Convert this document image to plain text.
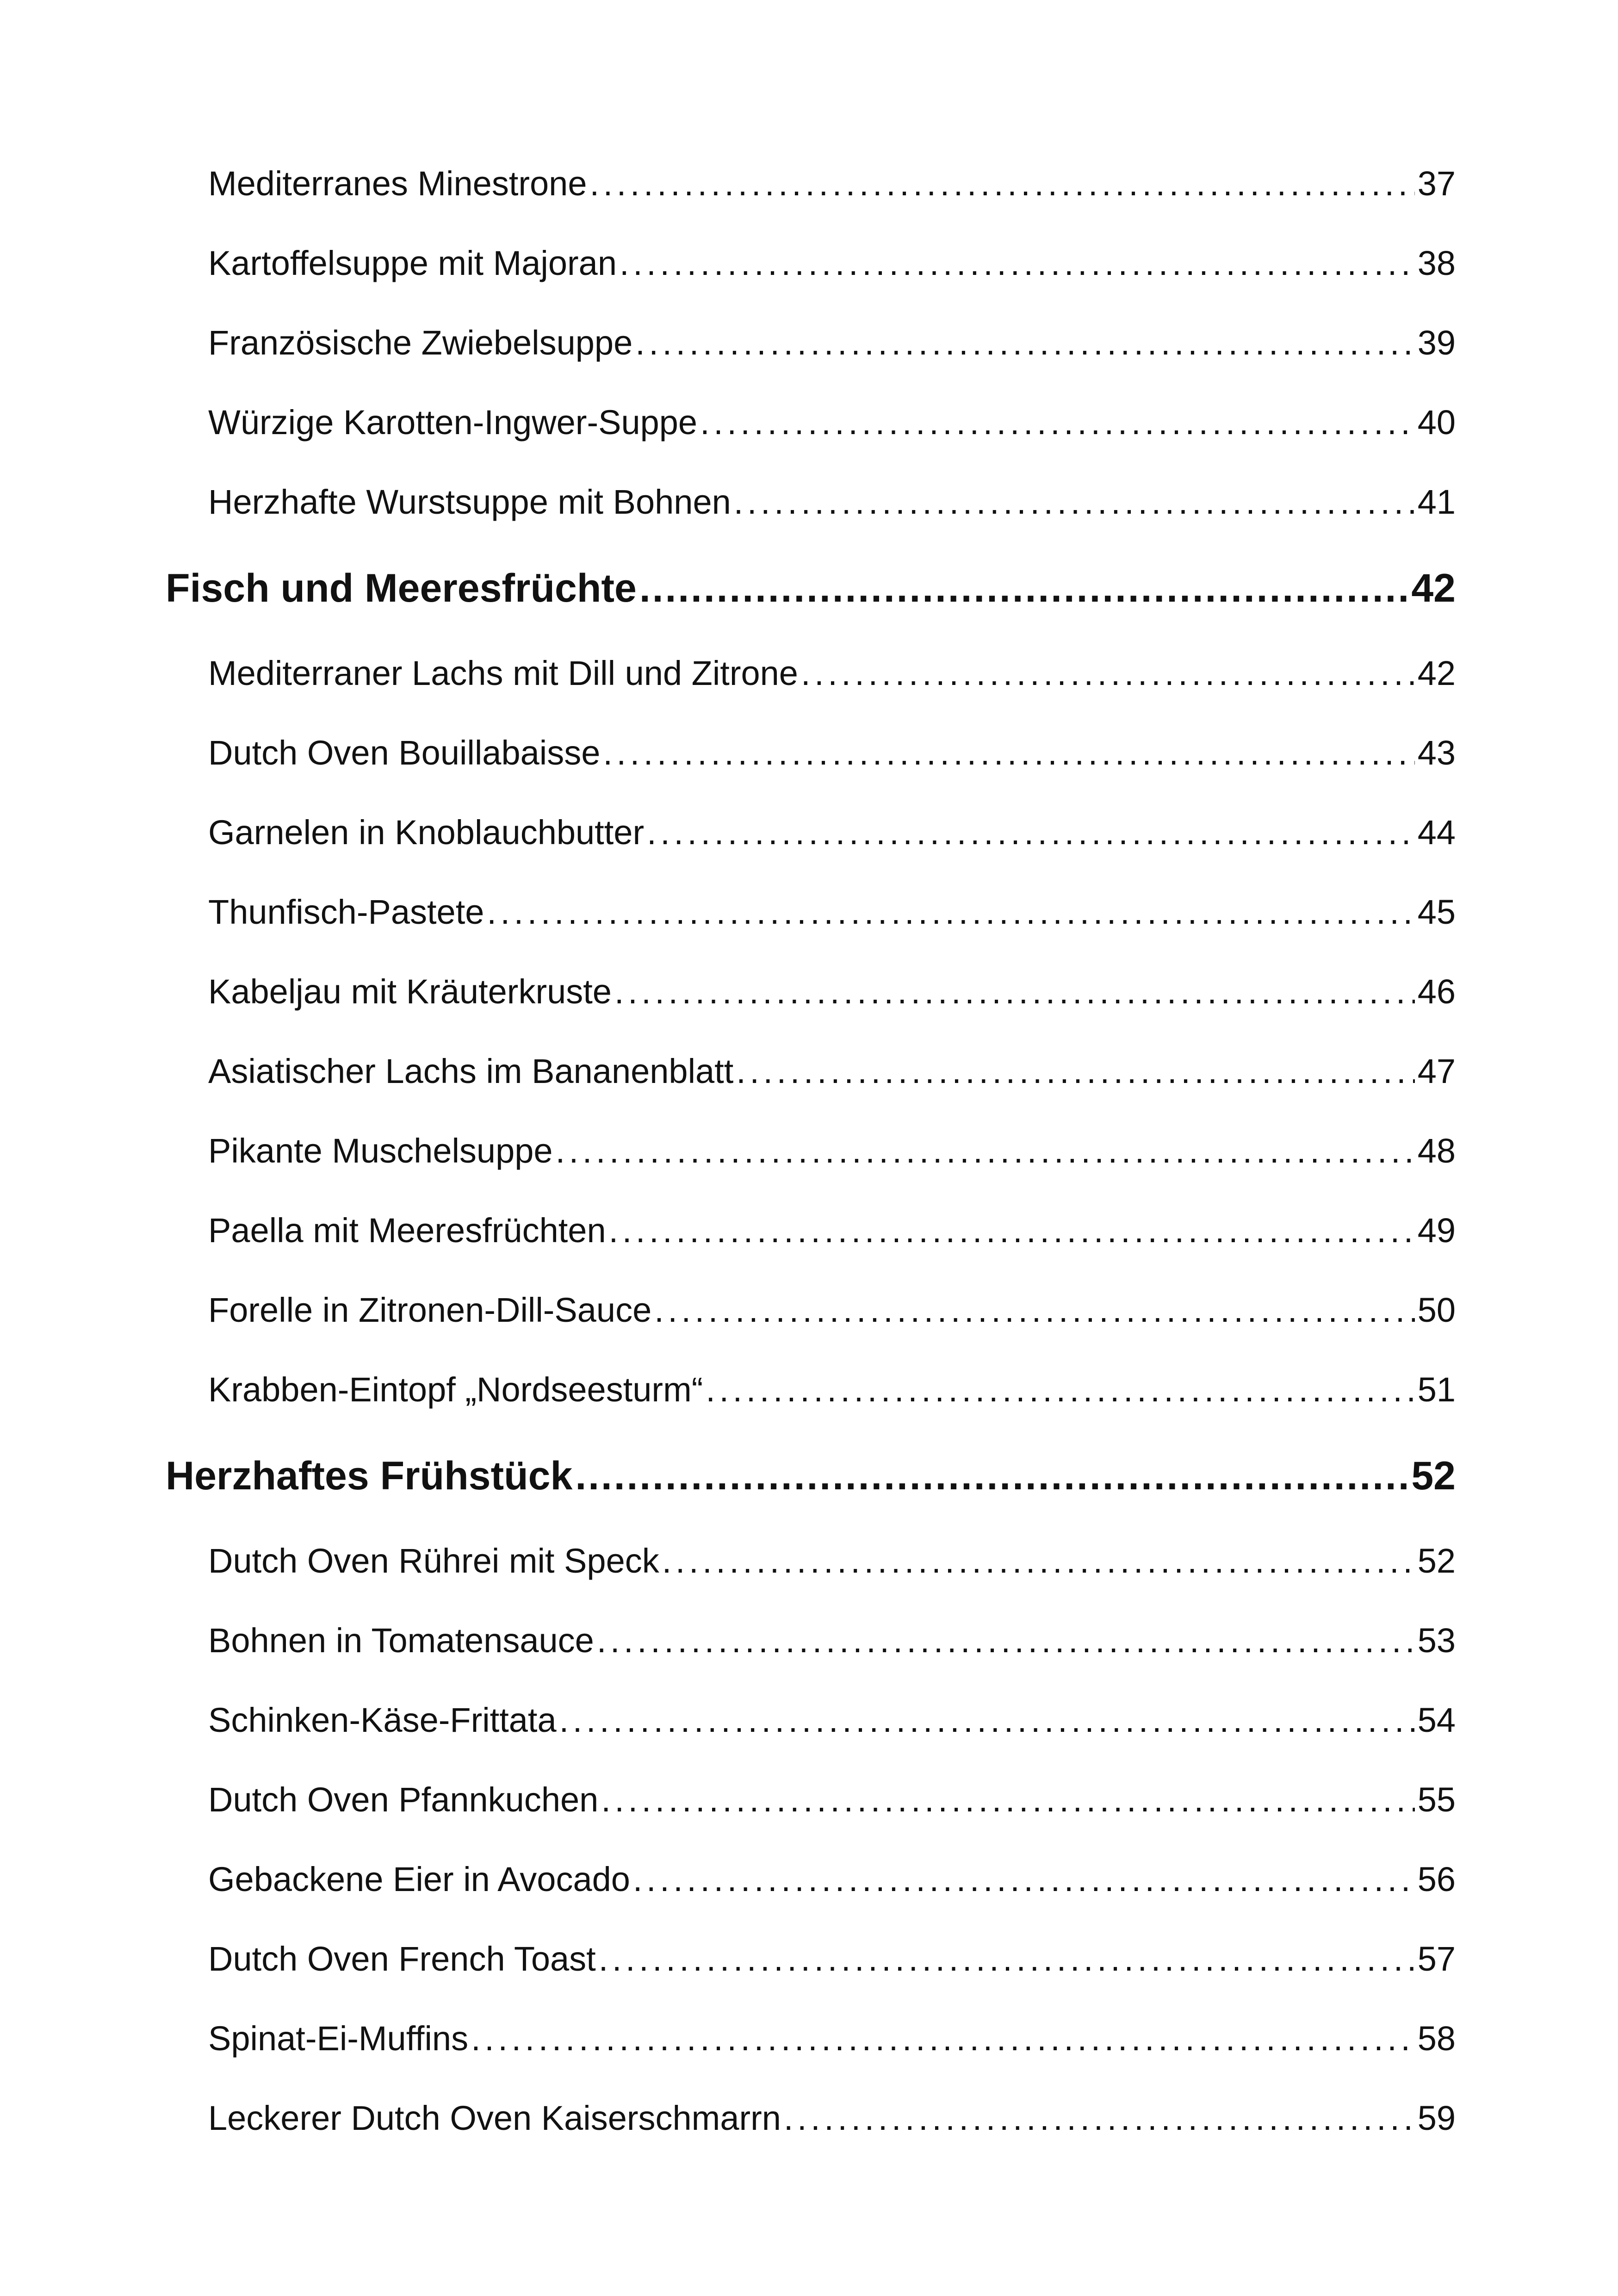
Mediterranes Minestrone . . .	37
Kartoffelsuppe mit Majoran . . .	38
Französische Zwiebelsuppe . . .	39
Würzige Karotten-Ingwer-Suppe . . .	40
Herzhafte Wurstsuppe mit Bohnen . . .	41
Fisch und Meeresfrüchte . . .	42
Mediterraner Lachs mit Dill und Zitrone . . .	42
Dutch Oven Bouillabaisse . . .	43
Garnelen in Knoblauchbutter . . .	44
Thunfisch-Pastete . . .	45
Kabeljau mit Kräuterkruste . . .	46
Asiatischer Lachs im Bananenblatt . . .	47
Pikante Muschelsuppe . . .	48
Paella mit Meeresfrüchten . . .	49
Forelle in Zitronen-Dill-Sauce . . .	50
Krabben-Eintopf „Nordseesturm“ . . .	51
Herzhaftes Frühstück . . .	52
Dutch Oven Rührei mit Speck . . .	52
Bohnen in Tomatensauce . . .	53
Schinken-Käse-Frittata . . .	54
Dutch Oven Pfannkuchen . . .	55
Gebackene Eier in Avocado . . .	56
Dutch Oven French Toast . . .	57
Spinat-Ei-Muffins . . .	58
Leckerer Dutch Oven Kaiserschmarrn . . .	59
